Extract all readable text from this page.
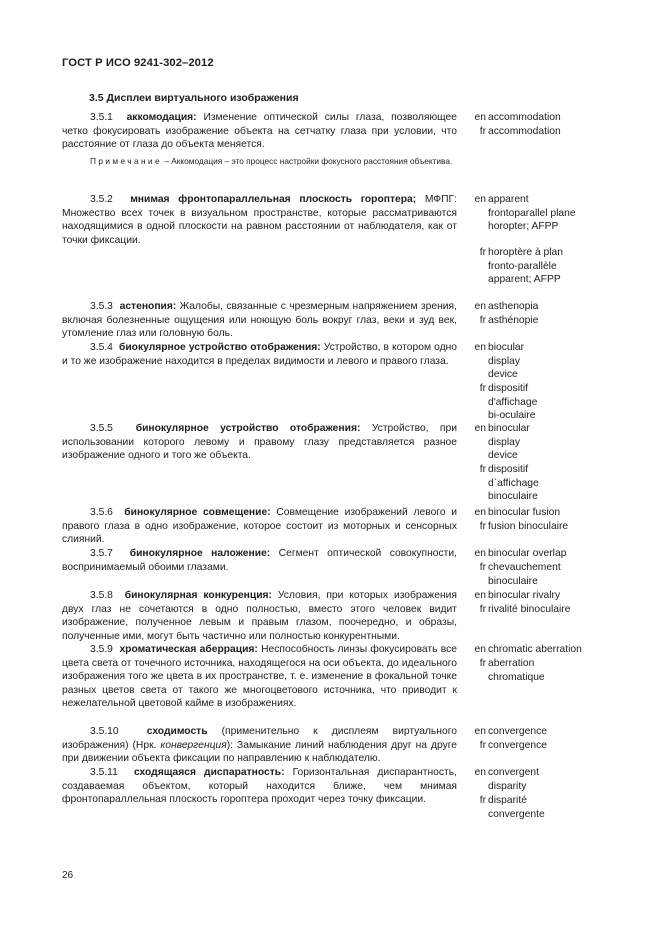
ГОСТ Р ИСО 9241-302–2012
3.5 Дисплеи виртуального изображения
3.5.1 аккомодация: Изменение оптической силы глаза, позволяющее четко фокусировать изображение объекта на сетчатку глаза при условии, что расстояние от глаза до объекта меняется.
Примечание – Аккомодация – это процесс настройки фокусного расстояния объектива.
3.5.2 мнимая фронтопараллельная плоскость гороптера; МФПГ: Множество всех точек в визуальном пространстве, которые рассматриваются находящимися в одной плоскости на равном расстоянии от наблюдателя, как от точки фиксации.
3.5.3 астенопия: Жалобы, связанные с чрезмерным напряжением зрения, включая болезненные ощущения или ноющую боль вокруг глаз, веки и зуд век, утомление глаз или головную боль.
3.5.4 биокулярное устройство отображения: Устройство, в котором одно и то же изображение находится в пределах видимости и левого и правого глаза.
3.5.5 бинокулярное устройство отображения: Устройство, при использовании которого левому и правому глазу представляется разное изображение одного и того же объекта.
3.5.6 бинокулярное совмещение: Совмещение изображений левого и правого глаза в одно изображение, которое состоит из моторных и сенсорных слияний.
3.5.7 бинокулярное наложение: Сегмент оптической совокупности, воспринимаемый обоими глазами.
3.5.8 бинокулярная конкуренция: Условия, при которых изображения двух глаз не сочетаются в одно полностью, вместо этого человек видит изображение, полученное левым и правым глазом, поочередно, и образы, полученные ими, могут быть частично или полностью конкурентными.
3.5.9 хроматическая аберрация: Неспособность линзы фокусировать все цвета света от точечного источника, находящегося на оси объекта, до идеального изображения того же цвета в их пространстве, т. е. изменение в фокальной точке разных цветов света от такого же многоцветового источника, что приводит к нежелательной цветовой кайме в изображениях.
3.5.10	сходимость (применительно к дисплеям виртуального изображения) (Нрк. конвергенция): Замыкание линий наблюдения друг на друге при движении объекта фиксации по направлению к наблюдателю.
3.5.11 сходящаяся диспаратность: Горизонтальная диспарантность, создаваемая объектом, который находится ближе, чем мнимая фронтопараллельная плоскость гороптера проходит через точку фиксации.
en accommodation
fr accommodation
en apparent frontoparallel plane horopter; AFPP
fr horoptère à plan fronto-parallèle apparent; AFPP
en asthenopia
fr asthénopie
en biocular display device
fr dispositif d'affichage bi-oculaire
en binocular display device
fr dispositif d`affichage binoculaire
en binocular fusion
fr fusion binoculaire
en binocular overlap
fr chevauchement binoculaire
en binocular rivalry
fr rivalité binoculaire
en chromatic aberration
fr aberration chromatique
en convergence
fr convergence
en convergent disparity
fr disparité convergente
26
